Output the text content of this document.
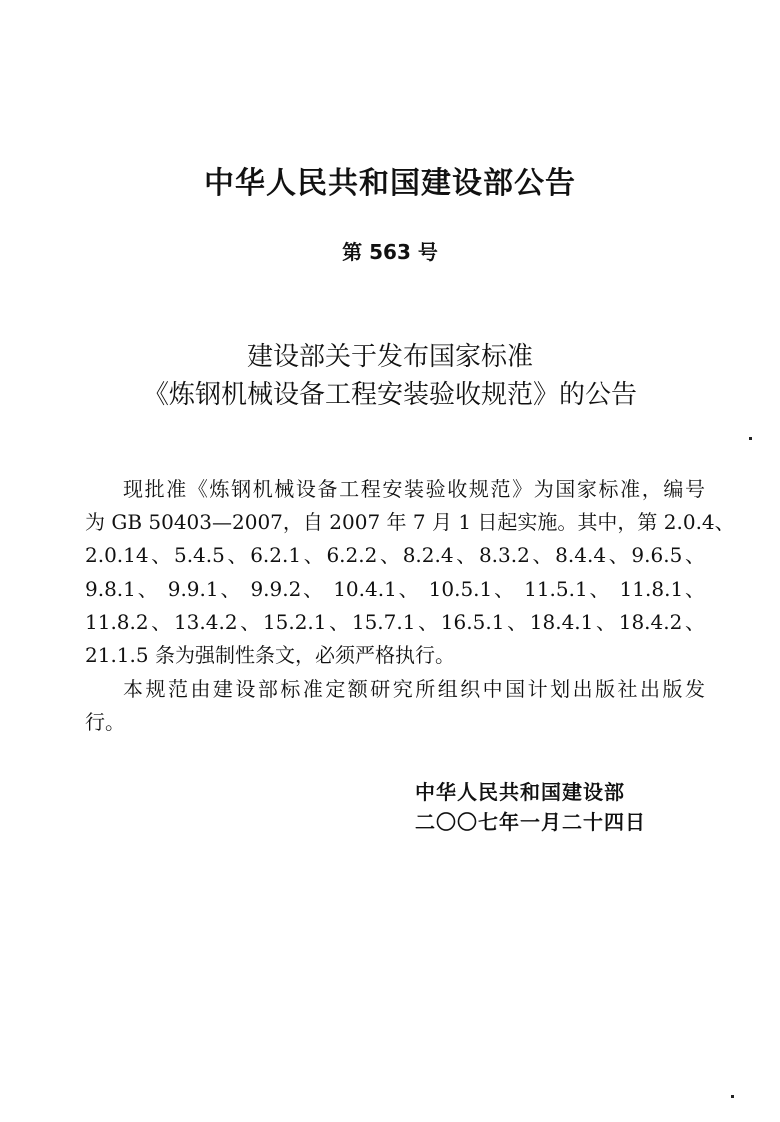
中华人民共和国建设部公告
第 563 号
建设部关于发布国家标准
《炼钢机械设备工程安装验收规范》的公告
现批准《炼钢机械设备工程安装验收规范》为国家标准，编号
为 GB 50403—2007，自 2007 年 7 月 1 日起实施。其中，第 2.0.4、
2.0.14、5.4.5、6.2.1、6.2.2、8.2.4、8.3.2、8.4.4、9.6.5、
9.8.1、 9.9.1、 9.9.2、 10.4.1、 10.5.1、 11.5.1、 11.8.1、
11.8.2、13.4.2、15.2.1、15.7.1、16.5.1、18.4.1、18.4.2、
21.1.5 条为强制性条文，必须严格执行。
本规范由建设部标准定额研究所组织中国计划出版社出版发
行。
中华人民共和国建设部
二〇〇七年一月二十四日
